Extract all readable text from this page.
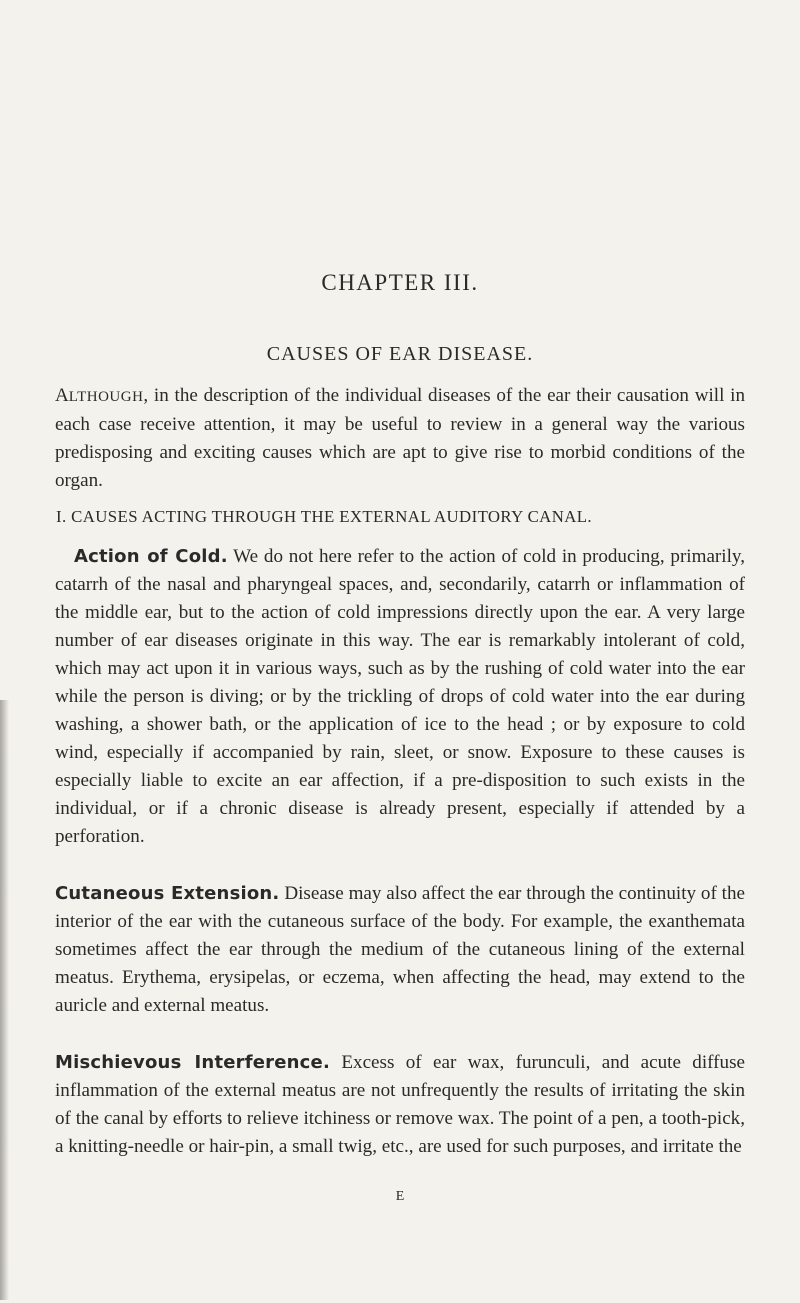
CHAPTER III.
CAUSES OF EAR DISEASE.

ALTHOUGH, in the description of the individual diseases of the ear their causation will in each case receive attention, it may be useful to review in a general way the various predisposing and exciting causes which are apt to give rise to morbid conditions of the organ.

I. CAUSES ACTING THROUGH THE EXTERNAL AUDITORY CANAL.

Action of Cold. We do not here refer to the action of cold in producing, primarily, catarrh of the nasal and pharyngeal spaces, and, secondarily, catarrh or inflammation of the middle ear, but to the action of cold impressions directly upon the ear. A very large number of ear diseases originate in this way. The ear is remarkably intolerant of cold, which may act upon it in various ways, such as by the rushing of cold water into the ear while the person is diving; or by the trickling of drops of cold water into the ear during washing, a shower bath, or the application of ice to the head ; or by exposure to cold wind, especially if accompanied by rain, sleet, or snow. Exposure to these causes is especially liable to excite an ear affection, if a pre-disposition to such exists in the individual, or if a chronic disease is already present, especially if attended by a perforation.

Cutaneous Extension. Disease may also affect the ear through the continuity of the interior of the ear with the cutaneous surface of the body. For example, the exanthemata sometimes affect the ear through the medium of the cutaneous lining of the external meatus. Erythema, erysipelas, or eczema, when affecting the head, may extend to the auricle and external meatus.

Mischievous Interference. Excess of ear wax, furunculi, and acute diffuse inflammation of the external meatus are not unfrequently the results of irritating the skin of the canal by efforts to relieve itchiness or remove wax. The point of a pen, a tooth-pick, a knitting-needle or hair-pin, a small twig, etc., are used for such purposes, and irritate the

E
